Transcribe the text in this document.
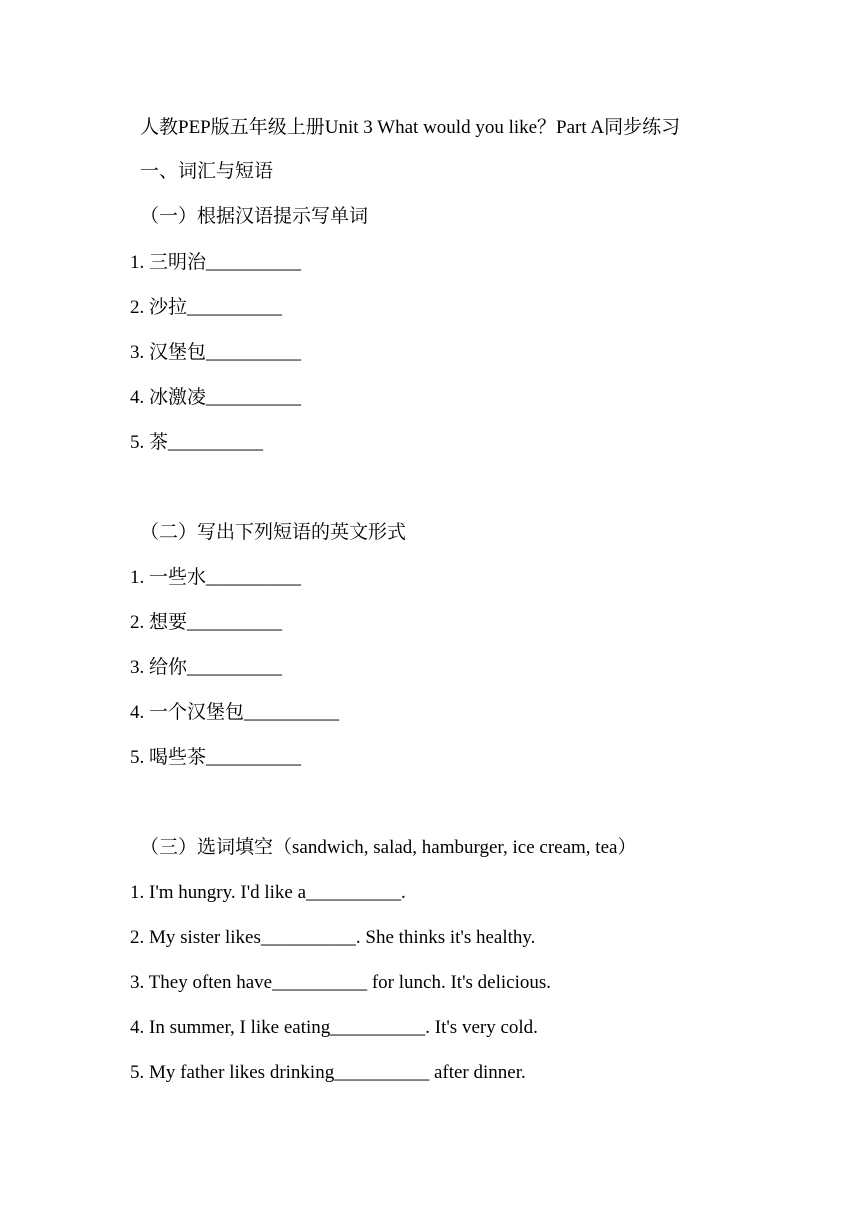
人教PEP版五年级上册Unit 3 What would you like？Part A同步练习
一、词汇与短语
（一）根据汉语提示写单词
1. 三明治__________
2. 沙拉__________
3. 汉堡包__________
4. 冰激凌__________
5. 茶__________
（二）写出下列短语的英文形式
1. 一些水__________
2. 想要__________
3. 给你__________
4. 一个汉堡包__________
5. 喝些茶__________
（三）选词填空（sandwich, salad, hamburger, ice cream, tea）
1. I'm hungry. I'd like a__________.
2. My sister likes__________. She thinks it's healthy.
3. They often have__________ for lunch. It's delicious.
4. In summer, I like eating__________. It's very cold.
5. My father likes drinking__________ after dinner.
